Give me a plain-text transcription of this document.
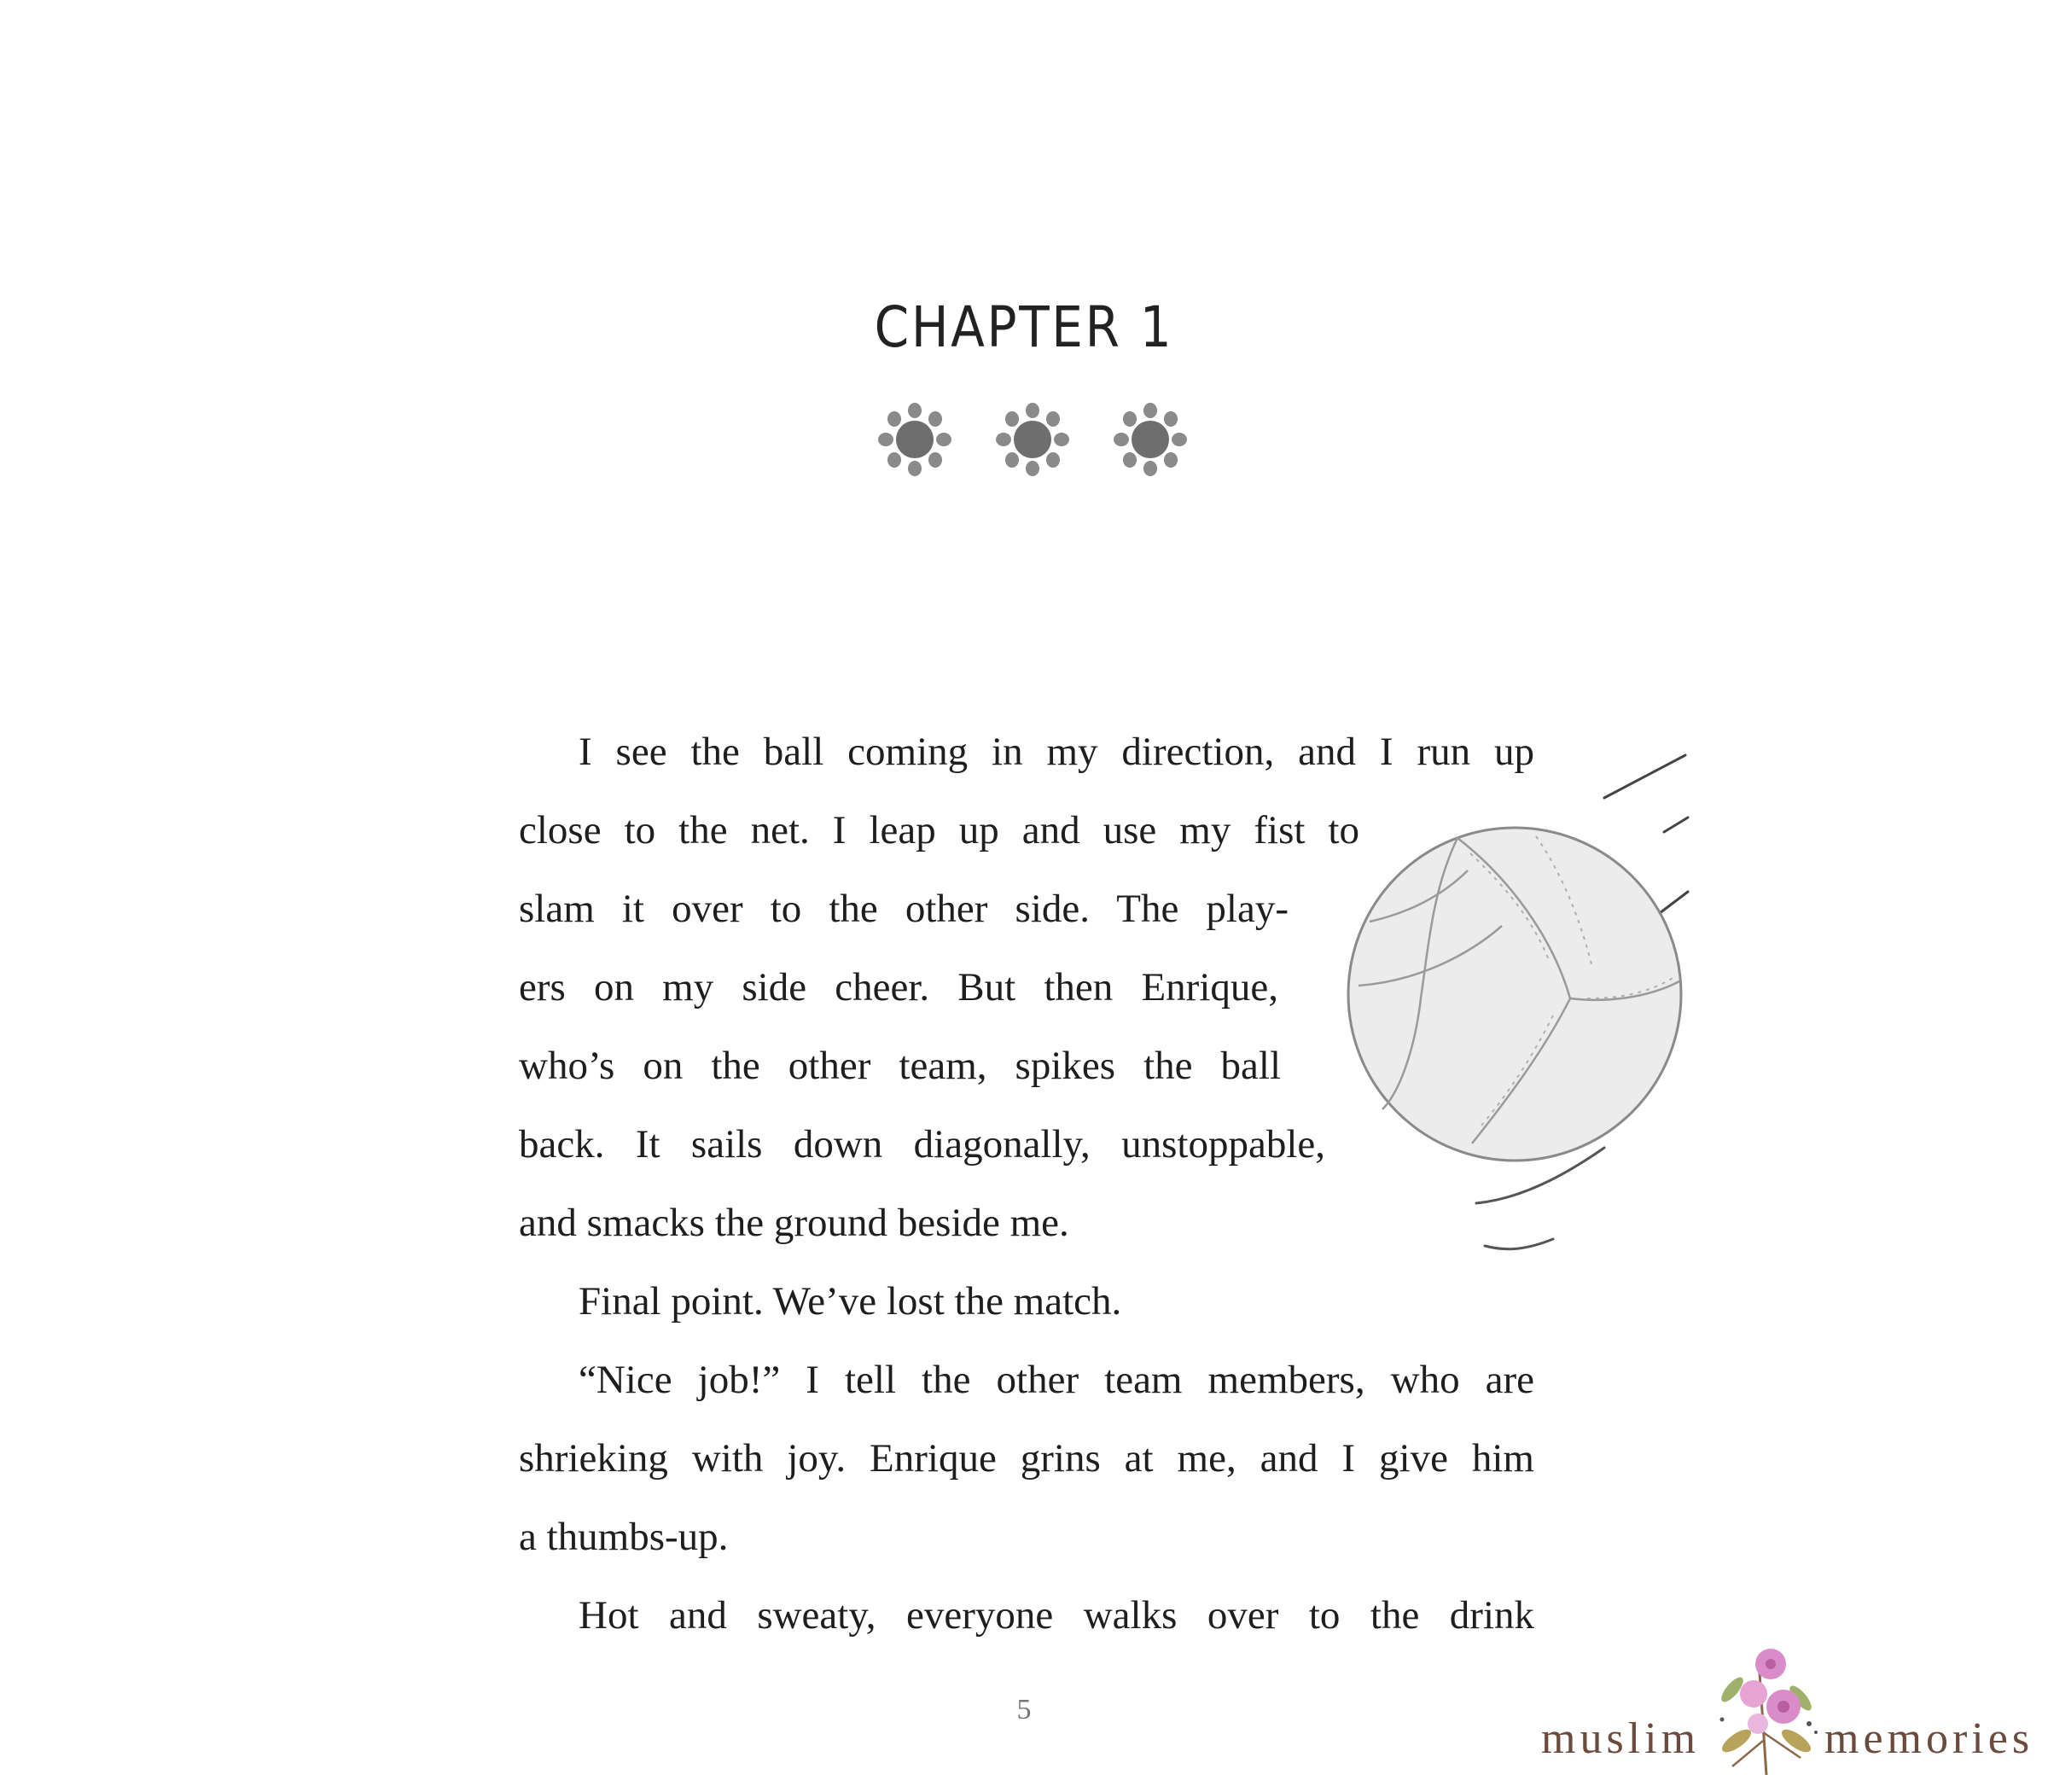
CHAPTER 1
I see the ball coming in my direction, and I run up
close to the net. I leap up and use my fist to
slam it over to the other side. The play-
ers on my side cheer. But then Enrique,
who’s on the other team, spikes the ball
back. It sails down diagonally, unstoppable,
and smacks the ground beside me.
Final point. We’ve lost the match.
“Nice job!” I tell the other team members, who are
shrieking with joy. Enrique grins at me, and I give him
a thumbs-up.
Hot and sweaty, everyone walks over to the drink
5
muslim	memories
